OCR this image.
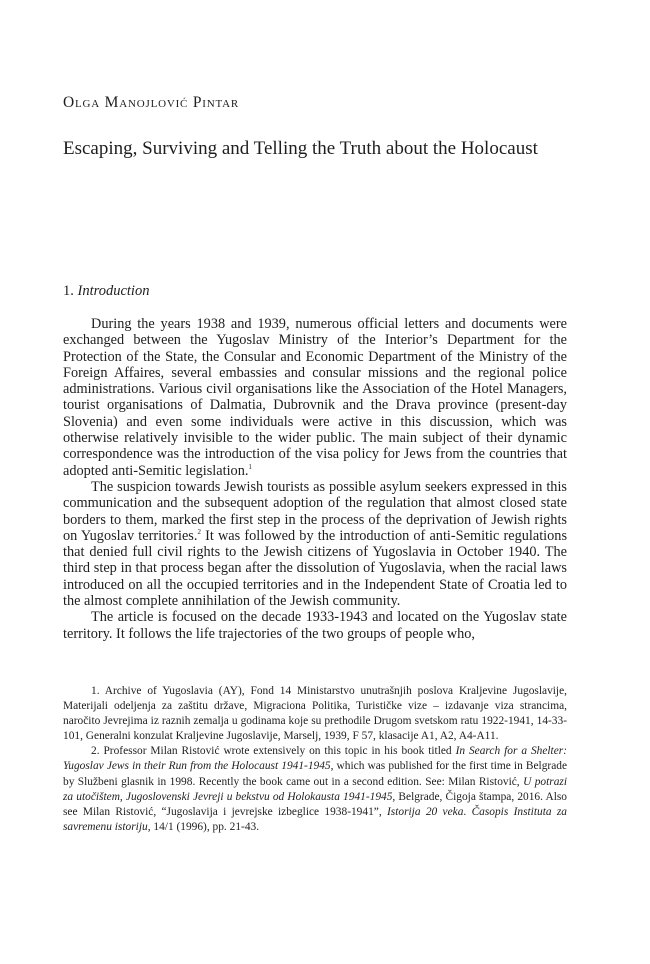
Olga Manojlović Pintar
Escaping, Surviving and Telling the Truth about the Holocaust
1. Introduction

During the years 1938 and 1939, numerous official letters and documents were exchanged between the Yugoslav Ministry of the Interior’s Department for the Protection of the State, the Consular and Economic Department of the Ministry of the Foreign Affaires, several embassies and consular missions and the regional police administrations. Various civil organisations like the Association of the Hotel Managers, tourist organisations of Dalmatia, Dubrovnik and the Drava province (present-day Slovenia) and even some individuals were active in this discussion, which was otherwise relatively invisible to the wider public. The main subject of their dynamic correspondence was the introduction of the visa policy for Jews from the countries that adopted anti-Semitic legislation.$^1$

The suspicion towards Jewish tourists as possible asylum seekers expressed in this communication and the subsequent adoption of the regulation that almost closed state borders to them, marked the first step in the process of the deprivation of Jewish rights on Yugoslav territories.$^2$ It was followed by the introduction of anti-Semitic regulations that denied full civil rights to the Jewish citizens of Yugoslavia in October 1940. The third step in that process began after the dissolution of Yugoslavia, when the racial laws introduced on all the occupied territories and in the Independent State of Croatia led to the almost complete annihilation of the Jewish community.

The article is focused on the decade 1933-1943 and located on the Yugoslav state territory. It follows the life trajectories of the two groups of people who,

1. Archive of Yugoslavia (AY), Fond 14 Ministarstvo unutrašnjih poslova Kraljevine Jugoslavije, Materijali odeljenja za zaštitu države, Migraciona Politika, Turističke vize – izdavanje viza strancima, naročito Jevrejima iz raznih zemalja u godinama koje su prethodile Drugom svetskom ratu 1922-1941, 14-33-101, Generalni konzulat Kraljevine Jugoslavije, Marselj, 1939, F 57, klasacije A1, A2, A4-A11.

2. Professor Milan Ristović wrote extensively on this topic in his book titled In Search for a Shelter: Yugoslav Jews in their Run from the Holocaust 1941-1945, which was published for the first time in Belgrade by Službeni glasnik in 1998. Recently the book came out in a second edition. See: Milan Ristović, U potrazi za utočištem, Jugoslovenski Jevreji u bekstvu od Holokausta 1941-1945, Belgrade, Čigoja štampa, 2016. Also see Milan Ristović, “Jugoslavija i jevrejske izbeglice 1938-1941”, Istorija 20 veka. Časopis Instituta za savremenu istoriju, 14/1 (1996), pp. 21-43.
